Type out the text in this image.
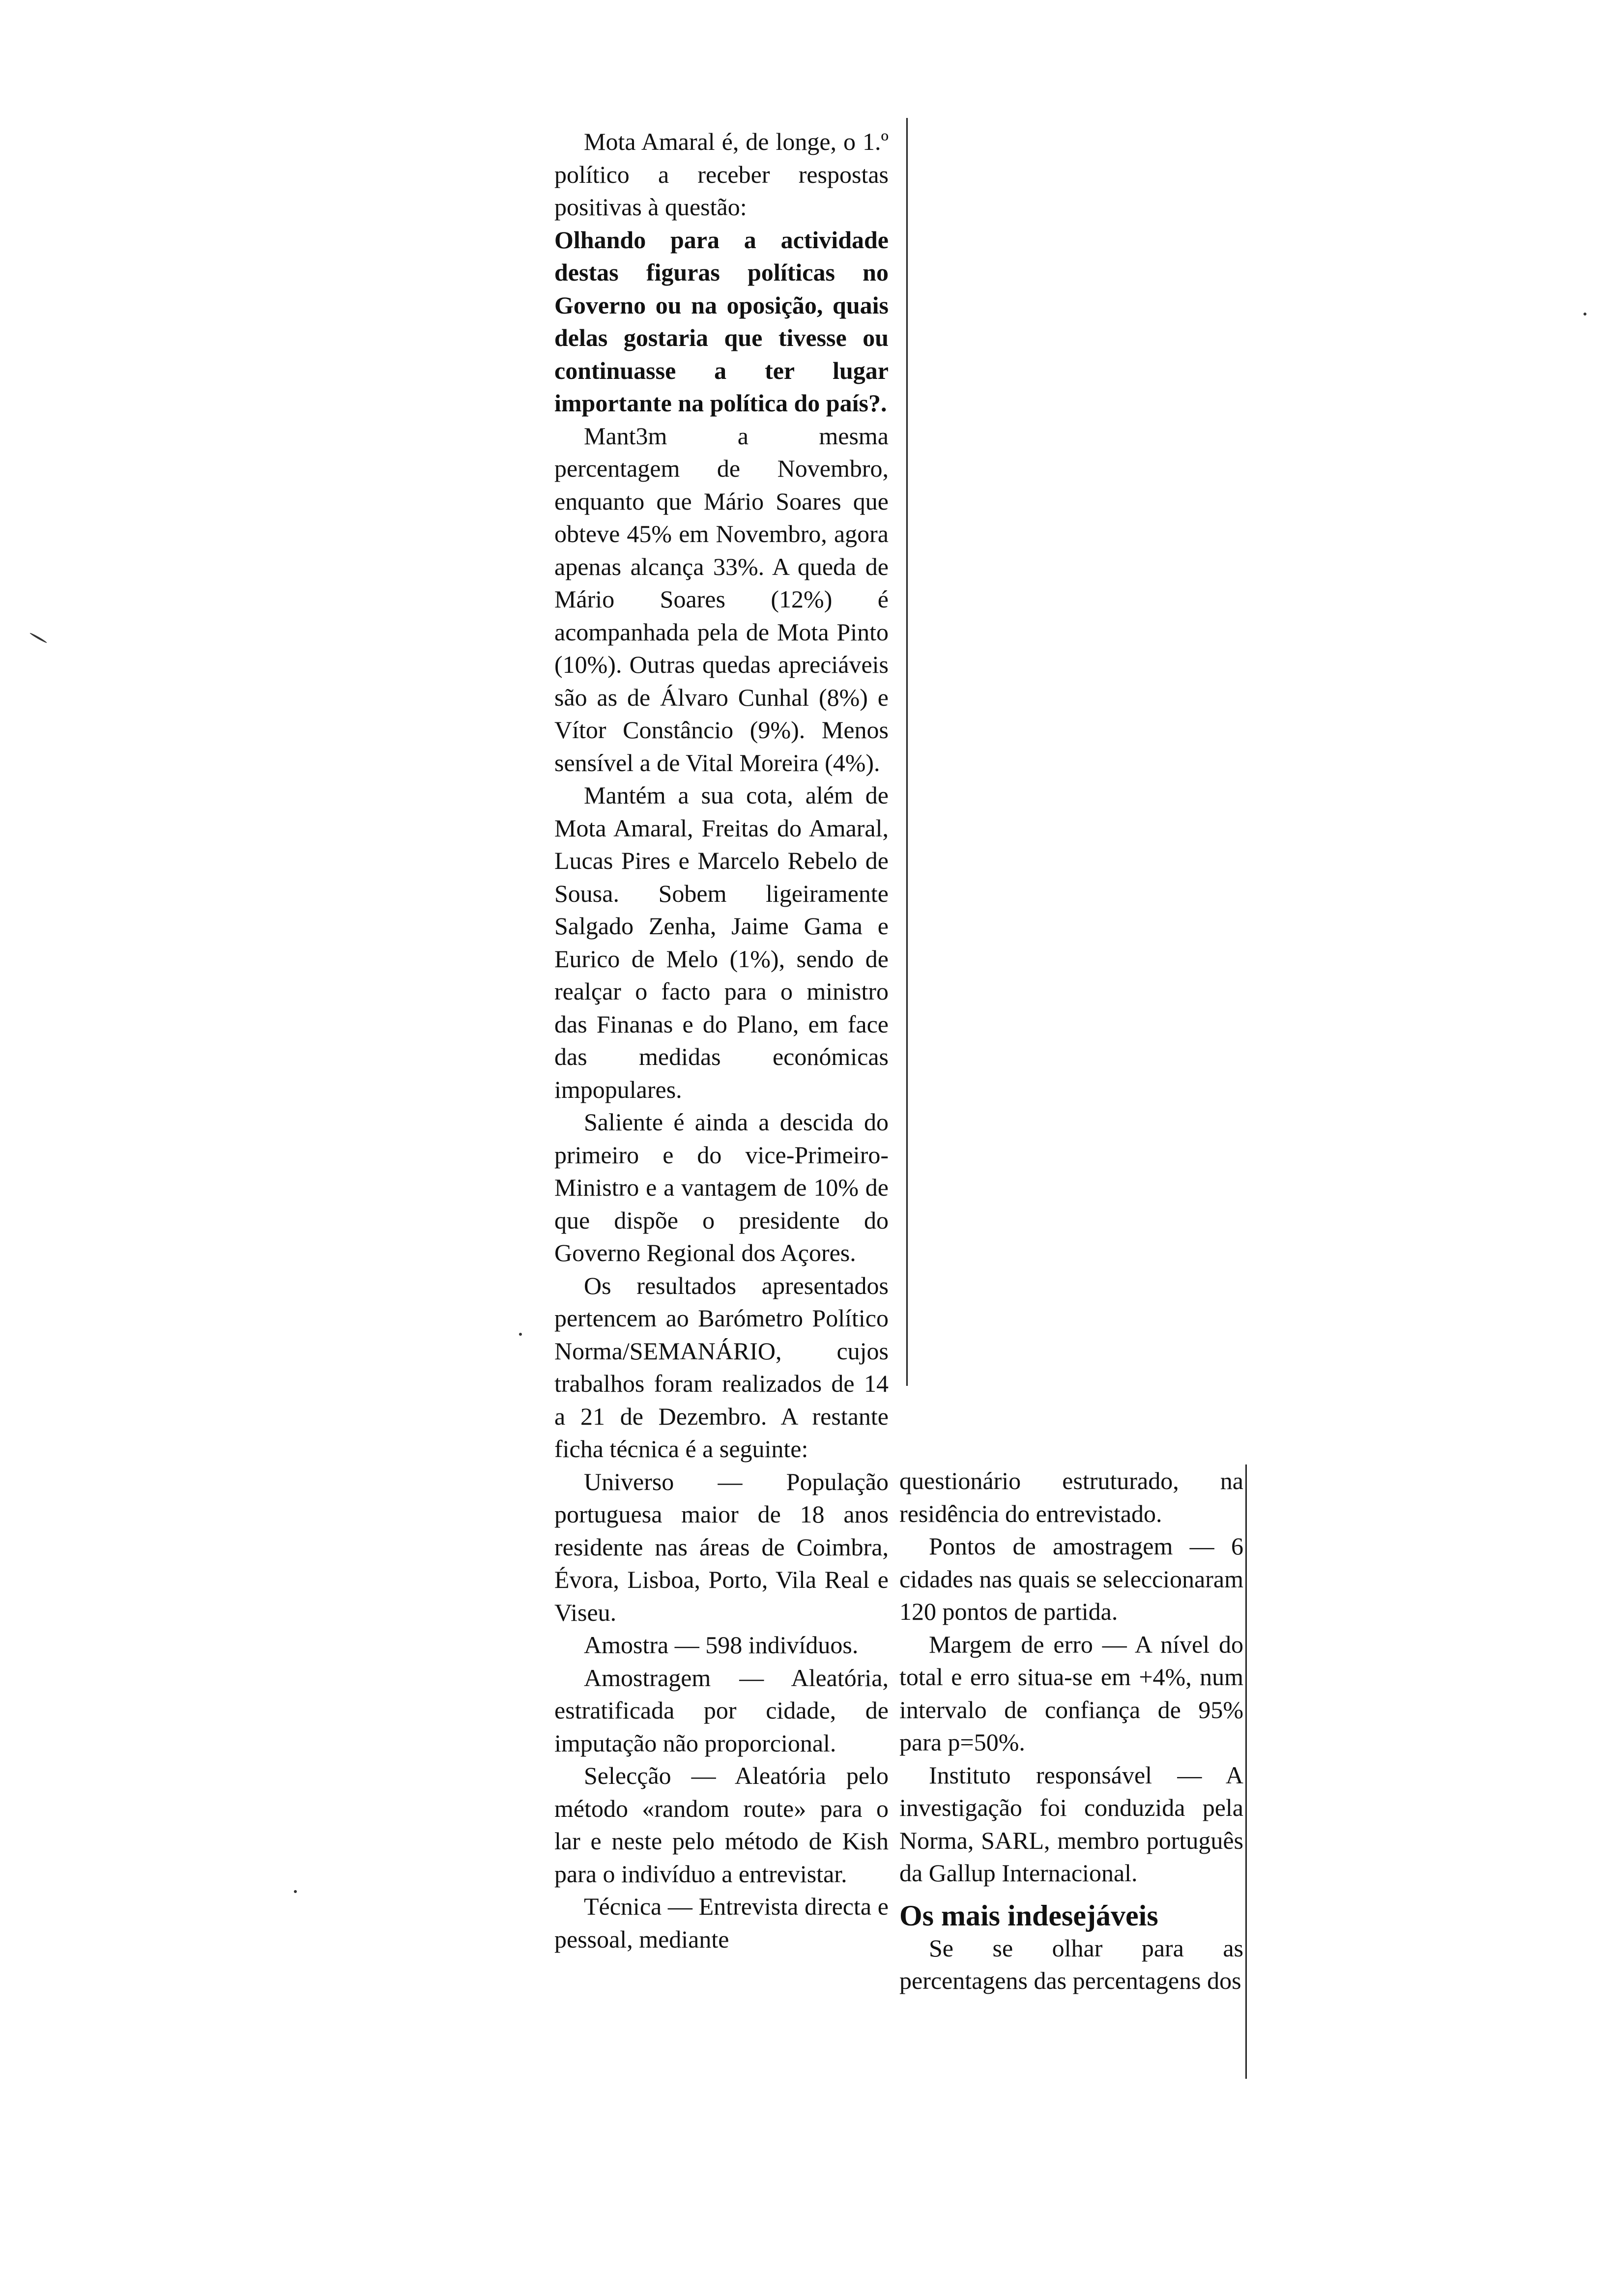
Mota Amaral é, de longe, o 1.º político a receber respostas positivas à questão:

Olhando para a actividade destas figuras políticas no Governo ou na oposição, quais delas gostaria que tivesse ou continuasse a ter lugar importante na política do país?.

Mant3m a mesma percentagem de Novembro, enquanto que Mário Soares que obteve 45% em Novembro, agora apenas alcança 33%. A queda de Mário Soares (12%) é acompanhada pela de Mota Pinto (10%). Outras quedas apreciáveis são as de Álvaro Cunhal (8%) e Vítor Constâncio (9%). Menos sensível a de Vital Moreira (4%).

Mantém a sua cota, além de Mota Amaral, Freitas do Amaral, Lucas Pires e Marcelo Rebelo de Sousa. Sobem ligeiramente Salgado Zenha, Jaime Gama e Eurico de Melo (1%), sendo de realçar o facto para o ministro das Finanas e do Plano, em face das medidas económicas impopulares.

Saliente é ainda a descida do primeiro e do vice-Primeiro-Ministro e a vantagem de 10% de que dispõe o presidente do Governo Regional dos Açores.

Os resultados apresentados pertencem ao Barómetro Político Norma/SEMANÁRIO, cujos trabalhos foram realizados de 14 a 21 de Dezembro. A restante ficha técnica é a seguinte:

Universo — População portuguesa maior de 18 anos residente nas áreas de Coimbra, Évora, Lisboa, Porto, Vila Real e Viseu.

Amostra — 598 indivíduos.

Amostragem — Aleatória, estratificada por cidade, de imputação não proporcional.

Selecção — Aleatória pelo método «random route» para o lar e neste pelo método de Kish para o indivíduo a entrevistar.

Técnica — Entrevista directa e pessoal, mediante

questionário estruturado, na residência do entrevistado.

Pontos de amostragem — 6 cidades nas quais se seleccionaram 120 pontos de partida.

Margem de erro — A nível do total e erro situa-se em +4%, num intervalo de confiança de 95% para p=50%.

Instituto responsável — A investigação foi conduzida pela Norma, SARL, membro português da Gallup Internacional.

Os mais indesejáveis

Se se olhar para as percentagens das percentagens dos
